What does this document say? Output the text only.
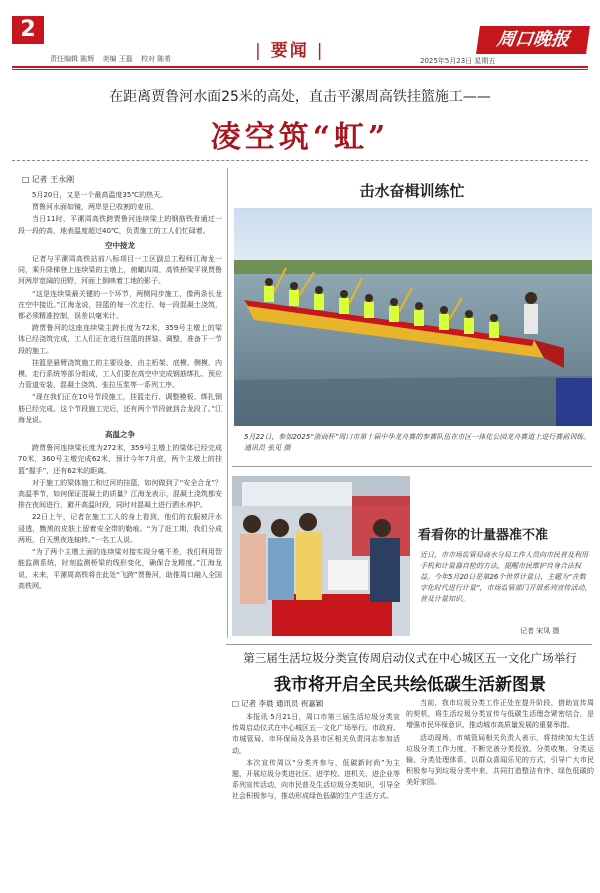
2
责任编辑 陈辉 美编 王磊 校对 陈希
|	要闻 |
周口晚报
2025年5月23日 星期五
在距离贾鲁河水面25米的高处，直击平漯周高铁挂篮施工——
凌空筑“虹”
□ 记者 王永刚

5月20日，又是一个最高温度35℃的热天。

贾鲁河水面如镜，两岸是已收割的麦田。

当日11时，平漯周高铁跨贾鲁河连续梁上的钢筋铁骨通过一段一段的高，地表温度超过40℃，负责施工的工人们忙碌着。

空中接龙

记者与平漯周高铁站前八标项目一工区副总工程师江海龙一同，乘升降梯登上连续梁的主墩上，俯瞰四周，高铁桥梁平视贾鲁河两岸宽阔的田野，河面上倒映着工地的影子。

“这是连续梁最关键的一个环节，两侧同步施工，像两条长龙在空中接近。”江海龙说，挂篮的每一次走行、每一段混凝土浇筑，都必须精准控制，误差以毫米计。

跨贾鲁河的这座连续梁主跨长度为72米，359号主墩上的梁体已经浇筑完成，工人们正在进行挂篮的拼装、调整，准备下一节段的施工。

挂篮是悬臂浇筑施工的主要设备，由主桁架、底模、侧模、内模、走行系统等部分组成，工人们要在高空中完成钢筋绑扎、预应力管道安装、混凝土浇筑、张拉压浆等一系列工序。

“现在我们正在10号节段施工，挂篮走行、调整模板、绑扎钢筋已经完成。这个节段施工完后，还有两个节段就到合龙段了。”江海龙说。

高温之争

跨贾鲁河连续梁长度为272米，359号主墩上的梁体已经完成70米，360号主墩完成62米，预计今年7月底，两个主墩上的挂篮“握手”，还有62米的距离。

对于施工的梁体施工和过河的挂篮，如何做到了“安全合龙”？高温季节，如何保证混凝土的质量？江海龙表示，混凝土浇筑都安排在夜间进行，避开高温时段，同时对混凝土进行洒水养护。

22日上午，记者在施工工人的身上看到，他们的衣服被汗水浸透，黝黑的皮肤上留着安全带的勒痕。“为了赶工期，我们分成两班，白天黑夜连轴转。”一名工人说。

“为了两个主墩上面的连续梁对接实现分毫不差，我们利用智能监测系统，时刻监测桥梁的线形变化，确保合龙精度。”江海龙说，未来，平漯周高铁将在此处“飞跨”贾鲁河，助推周口融入全国高铁网。

击水奋楫训练忙
5月22日，参加2025“浙商杯”周口市第十届中华龙舟赛的参赛队伍在市区一体化公园龙舟赛道上进行赛前训练。通讯员 张见 摄
看看你的计量器准不准
近日，市市场监管局商水分局工作人员向市民普及利用手机和计量器自检的方法，提醒市民维护自身合法权益。今年5月20日是第26个世界计量日，主题为“在数字化时代进行计量”，市场监管部门开展系列宣传活动，普及计量知识。
记者 宋凤 摄
第三届生活垃圾分类宣传周启动仪式在中心城区五一文化广场举行
我市将开启全民共绘低碳生活新图景
□ 记者 李晨 通讯员 祝嘉颖

本报讯 5月21日，周口市第三届生活垃圾分类宣传周启动仪式在中心城区五一文化广场举行。市政府、市城管局、市环保局及各县市区相关负责同志参加活动。

本次宣传周以“分类齐参与，低碳新时尚”为主题，开展垃圾分类进社区、进学校、进机关、进企业等系列宣传活动，向市民普及生活垃圾分类知识，引导全社会积极参与，推动形成绿色低碳的生产生活方式。

当前，我市垃圾分类工作正处在提升阶段，借助宣传周的契机，将生活垃圾分类宣传与低碳生活理念紧密结合，是增强市民环保意识、推动城市高质量发展的重要举措。

活动现场，市城管局相关负责人表示，将持续加大生活垃圾分类工作力度，不断完善分类投放、分类收集、分类运输、分类处理体系，以群众喜闻乐见的方式，引导广大市民积极参与到垃圾分类中来，共同打造整洁有序、绿色低碳的美好家园。
